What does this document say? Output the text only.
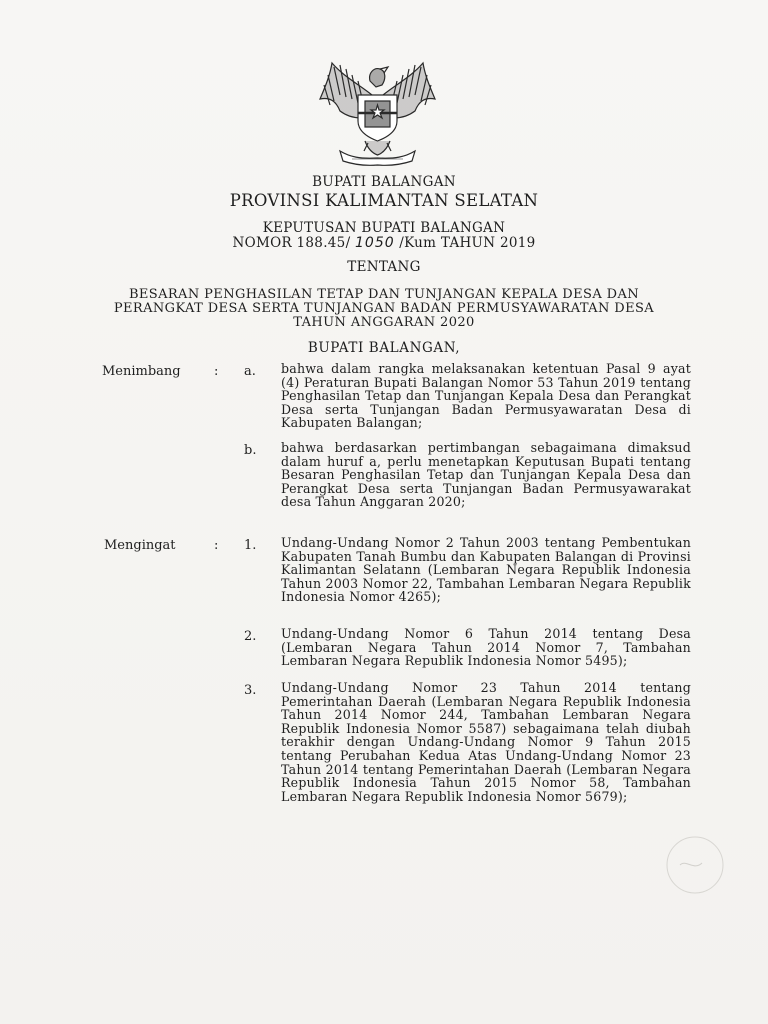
BUPATI BALANGAN
PROVINSI KALIMANTAN SELATAN
KEPUTUSAN BUPATI BALANGAN
NOMOR 188.45/ 1050 /Kum TAHUN 2019
TENTANG
BESARAN PENGHASILAN TETAP DAN TUNJANGAN KEPALA DESA DAN
PERANGKAT DESA SERTA TUNJANGAN BADAN PERMUSYAWARATAN DESA
TAHUN ANGGARAN 2020
BUPATI BALANGAN,
Menimbang	: a. bahwa dalam rangka melaksanakan ketentuan Pasal 9 ayat (4) Peraturan Bupati Balangan Nomor 53 Tahun 2019 tentang Penghasilan Tetap dan Tunjangan Kepala Desa dan Perangkat Desa serta Tunjangan Badan Permusyawaratan Desa di Kabupaten Balangan;
b. bahwa berdasarkan pertimbangan sebagaimana dimaksud dalam huruf a, perlu menetapkan Keputusan Bupati tentang Besaran Penghasilan Tetap dan Tunjangan Kepala Desa dan Perangkat Desa serta Tunjangan Badan Permusyawarakat desa Tahun Anggaran 2020;
Mengingat	: 1. Undang-Undang Nomor 2 Tahun 2003 tentang Pembentukan Kabupaten Tanah Bumbu dan Kabupaten Balangan di Provinsi Kalimantan Selatann (Lembaran Negara Republik Indonesia Tahun 2003 Nomor 22, Tambahan Lembaran Negara Republik Indonesia Nomor 4265);
2. Undang-Undang Nomor 6 Tahun 2014 tentang Desa (Lembaran Negara Tahun 2014 Nomor 7, Tambahan Lembaran Negara Republik Indonesia Nomor 5495);
3. Undang-Undang Nomor 23 Tahun 2014 tentang Pemerintahan Daerah (Lembaran Negara Republik Indonesia Tahun 2014 Nomor 244, Tambahan Lembaran Negara Republik Indonesia Nomor 5587) sebagaimana telah diubah terakhir dengan Undang-Undang Nomor 9 Tahun 2015 tentang Perubahan Kedua Atas Undang-Undang Nomor 23 Tahun 2014 tentang Pemerintahan Daerah (Lembaran Negara Republik Indonesia Tahun 2015 Nomor 58, Tambahan Lembaran Negara Republik Indonesia Nomor 5679);
